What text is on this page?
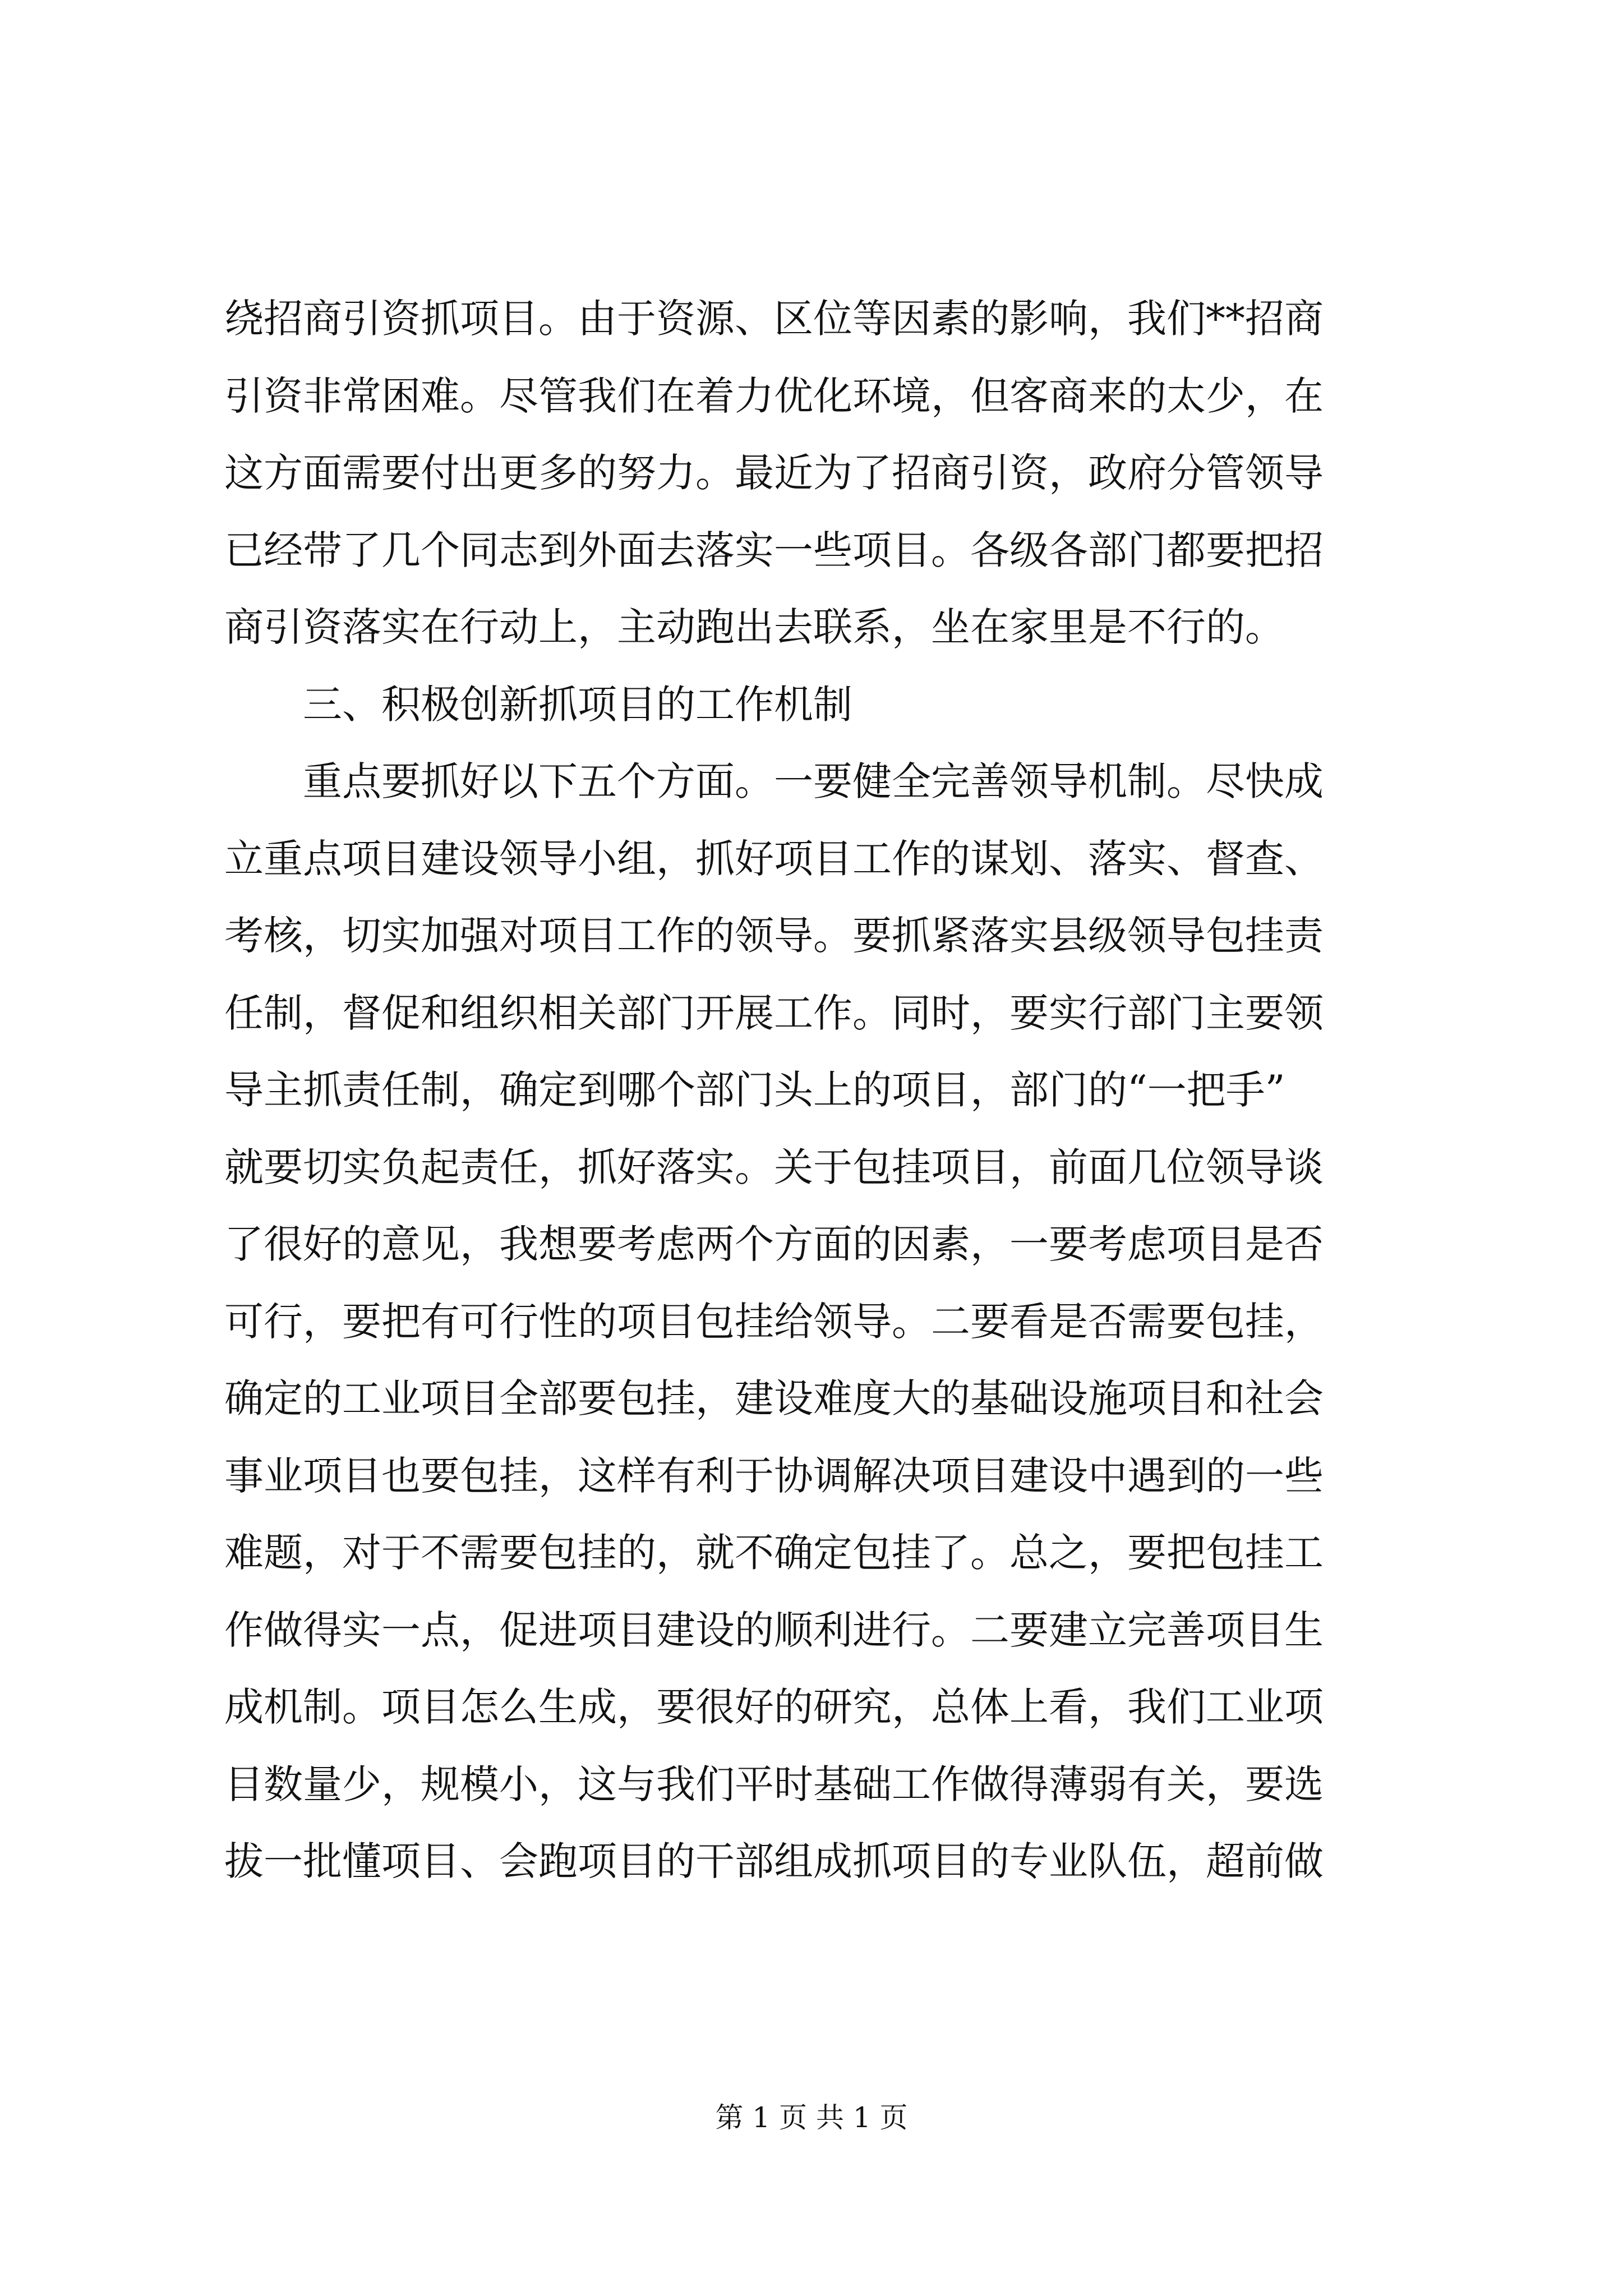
绕招商引资抓项目。由于资源、区位等因素的影响，我们**招商
引资非常困难。尽管我们在着力优化环境，但客商来的太少，在
这方面需要付出更多的努力。最近为了招商引资，政府分管领导
已经带了几个同志到外面去落实一些项目。各级各部门都要把招
商引资落实在行动上，主动跑出去联系，坐在家里是不行的。
　　三、积极创新抓项目的工作机制
　　重点要抓好以下五个方面。一要健全完善领导机制。尽快成
立重点项目建设领导小组，抓好项目工作的谋划、落实、督查、
考核，切实加强对项目工作的领导。要抓紧落实县级领导包挂责
任制，督促和组织相关部门开展工作。同时，要实行部门主要领
导主抓责任制，确定到哪个部门头上的项目，部门的“一把手”
就要切实负起责任，抓好落实。关于包挂项目，前面几位领导谈
了很好的意见，我想要考虑两个方面的因素，一要考虑项目是否
可行，要把有可行性的项目包挂给领导。二要看是否需要包挂，
确定的工业项目全部要包挂，建设难度大的基础设施项目和社会
事业项目也要包挂，这样有利于协调解决项目建设中遇到的一些
难题，对于不需要包挂的，就不确定包挂了。总之，要把包挂工
作做得实一点，促进项目建设的顺利进行。二要建立完善项目生
成机制。项目怎么生成，要很好的研究，总体上看，我们工业项
目数量少，规模小，这与我们平时基础工作做得薄弱有关，要选
拔一批懂项目、会跑项目的干部组成抓项目的专业队伍，超前做
第 1 页 共 1 页
